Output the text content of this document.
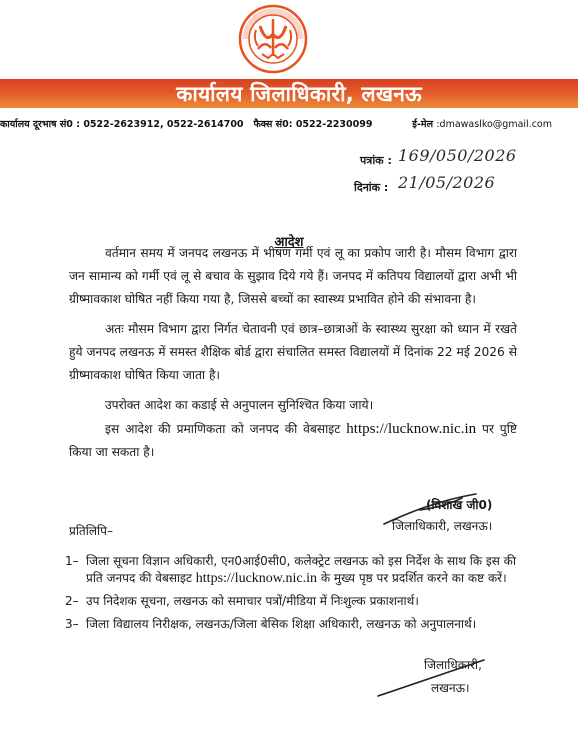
कार्यालय जिलाधिकारी, लखनऊ
कार्यालय दूरभाष सं0 : 0522-2623912, 0522-2614700 फैक्स सं0: 0522-2230099	ई-मेल :dmawaslko@gmail.com
पत्रांक : 169/050/2026
दिनांक : 21/05/2026
आदेश

वर्तमान समय में जनपद लखनऊ में भीषण गर्मी एवं लू का प्रकोप जारी है। मौसम विभाग द्वारा जन सामान्य को गर्मी एवं लू से बचाव के सुझाव दिये गये हैं। जनपद में कतिपय विद्यालयों द्वारा अभी भी ग्रीष्मावकाश घोषित नहीं किया गया है, जिससे बच्चों का स्वास्थ्य प्रभावित होने की संभावना है।

अतः मौसम विभाग द्वारा निर्गत चेतावनी एवं छात्र–छात्राओं के स्वास्थ्य सुरक्षा को ध्यान में रखते हुये जनपद लखनऊ में समस्त शैक्षिक बोर्ड द्वारा संचालित समस्त विद्यालयों में दिनांक 22 मई 2026 से ग्रीष्मावकाश घोषित किया जाता है।

उपरोक्त आदेश का कडाई से अनुपालन सुनिश्चित किया जाये।

इस आदेश की प्रमाणिकता को जनपद की वेबसाइट https://lucknow.nic.in पर पुष्टि किया जा सकता है।

(विशाख जी0)
जिलाधिकारी, लखनऊ।
प्रतिलिपि–
1– जिला सूचना विज्ञान अधिकारी, एन0आई0सी0, कलेक्ट्रेट लखनऊ को इस निर्देश के साथ कि इस की प्रति जनपद की वेबसाइट https://lucknow.nic.in के मुख्य पृष्ठ पर प्रदर्शित करने का कष्ट करें।
2– उप निदेशक सूचना, लखनऊ को समाचार पत्रों/मीडिया में निःशुल्क प्रकाशनार्थ।
3– जिला विद्यालय निरीक्षक, लखनऊ/जिला बेसिक शिक्षा अधिकारी, लखनऊ को अनुपालनार्थ।
जिलाधिकारी,
लखनऊ।
